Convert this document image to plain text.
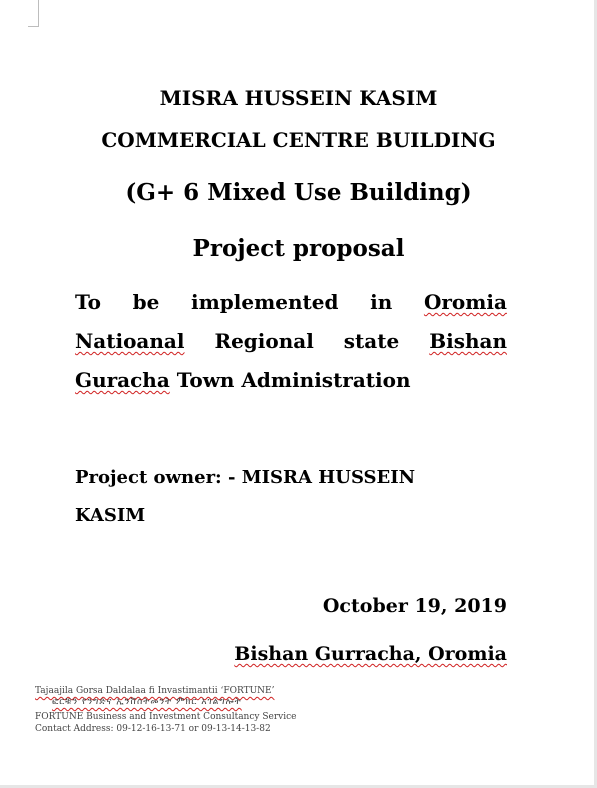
MISRA HUSSEIN KASIM
COMMERCIAL CENTRE BUILDING
(G+ 6 Mixed Use Building)
Project proposal
To be implemented in Oromia
Natioanal Regional state Bishan
Guracha Town Administration
Project owner: - MISRA HUSSEIN
KASIM
October 19, 2019
Bishan Gurracha, Oromia
Tajaajila Gorsa Daldalaa fi Invastimantii ‘FORTUNE’
ፎርቹን የንግድና ኢንቨስትመንት ምክር አገልግሎት
FORTUNE Business and Investment Consultancy Service
Contact Address: 09-12-16-13-71 or 09-13-14-13-82
